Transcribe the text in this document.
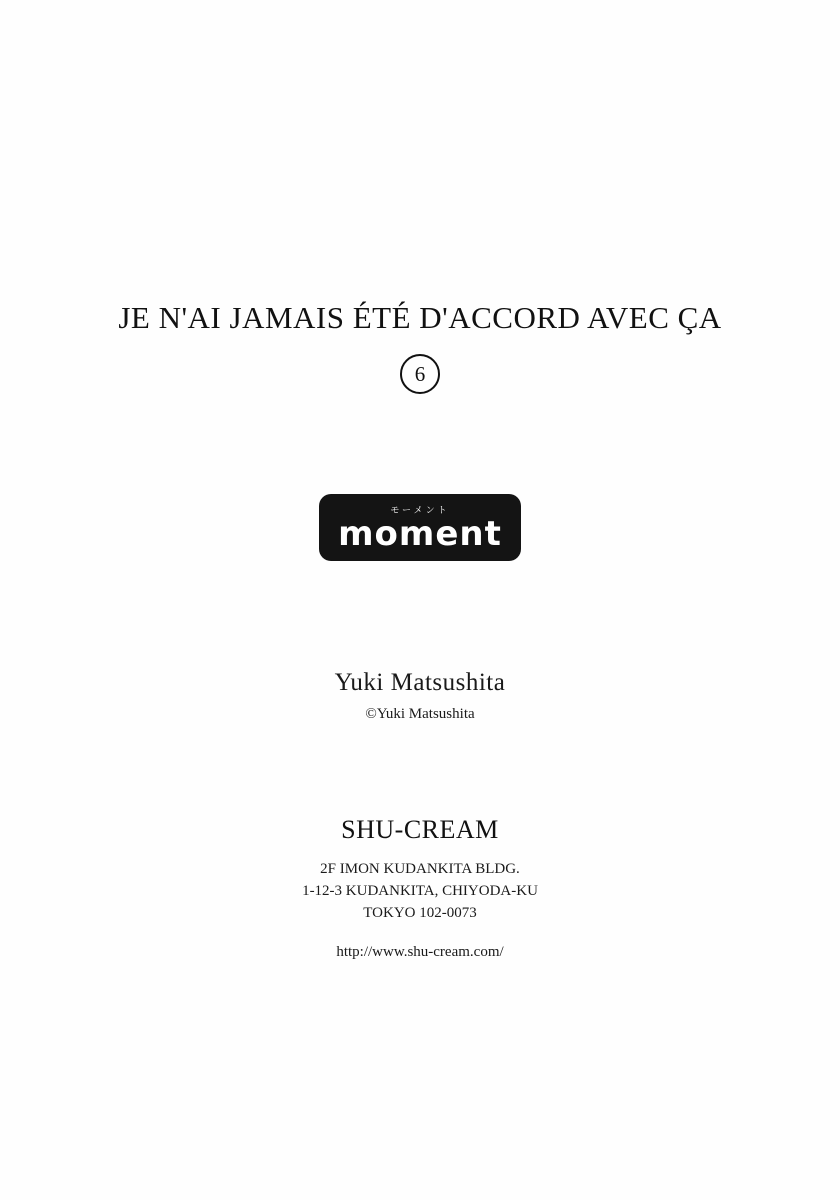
JE N'AI JAMAIS ÉTÉ D'ACCORD AVEC ÇA
6
モーメント
moment
Yuki Matsushita
©Yuki Matsushita
SHU-CREAM
2F IMON KUDANKITA BLDG.
1-12-3 KUDANKITA, CHIYODA-KU
TOKYO 102-0073
http://www.shu-cream.com/
